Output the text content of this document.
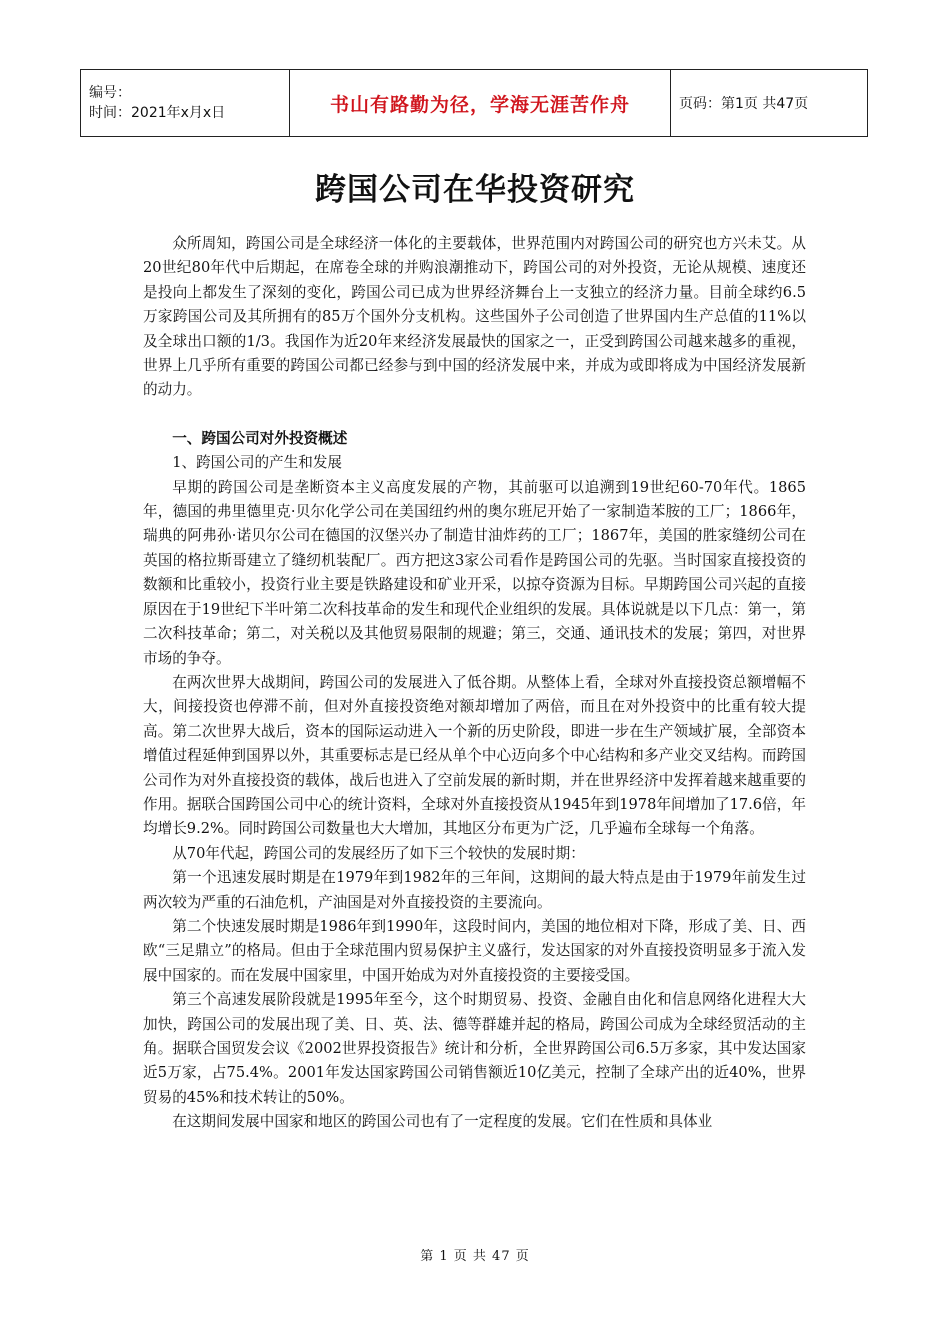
编号：
时间：2021年x月x日	书山有路勤为径，学海无涯苦作舟	页码：第1页 共47页
跨国公司在华投资研究

众所周知，跨国公司是全球经济一体化的主要载体，世界范围内对跨国公司的研究也方兴未艾。从20世纪80年代中后期起，在席卷全球的并购浪潮推动下，跨国公司的对外投资，无论从规模、速度还是投向上都发生了深刻的变化，跨国公司已成为世界经济舞台上一支独立的经济力量。目前全球约6.5万家跨国公司及其所拥有的85万个国外分支机构。这些国外子公司创造了世界国内生产总值的11%以及全球出口额的1/3。我国作为近20年来经济发展最快的国家之一，正受到跨国公司越来越多的重视，世界上几乎所有重要的跨国公司都已经参与到中国的经济发展中来，并成为或即将成为中国经济发展新的动力。

一、跨国公司对外投资概述

1、跨国公司的产生和发展

早期的跨国公司是垄断资本主义高度发展的产物，其前驱可以追溯到19世纪60-70年代。1865年，德国的弗里德里克·贝尔化学公司在美国纽约州的奥尔班尼开始了一家制造苯胺的工厂；1866年，瑞典的阿弗孙·诺贝尔公司在德国的汉堡兴办了制造甘油炸药的工厂；1867年，美国的胜家缝纫公司在英国的格拉斯哥建立了缝纫机装配厂。西方把这3家公司看作是跨国公司的先驱。当时国家直接投资的数额和比重较小，投资行业主要是铁路建设和矿业开采，以掠夺资源为目标。早期跨国公司兴起的直接原因在于19世纪下半叶第二次科技革命的发生和现代企业组织的发展。具体说就是以下几点：第一，第二次科技革命；第二，对关税以及其他贸易限制的规避；第三，交通、通讯技术的发展；第四，对世界市场的争夺。

在两次世界大战期间，跨国公司的发展进入了低谷期。从整体上看，全球对外直接投资总额增幅不大，间接投资也停滞不前，但对外直接投资绝对额却增加了两倍，而且在对外投资中的比重有较大提高。第二次世界大战后，资本的国际运动进入一个新的历史阶段，即进一步在生产领域扩展，全部资本增值过程延伸到国界以外，其重要标志是已经从单个中心迈向多个中心结构和多产业交叉结构。而跨国公司作为对外直接投资的载体，战后也进入了空前发展的新时期，并在世界经济中发挥着越来越重要的作用。据联合国跨国公司中心的统计资料，全球对外直接投资从1945年到1978年间增加了17.6倍，年均增长9.2%。同时跨国公司数量也大大增加，其地区分布更为广泛，几乎遍布全球每一个角落。

从70年代起，跨国公司的发展经历了如下三个较快的发展时期：

第一个迅速发展时期是在1979年到1982年的三年间，这期间的最大特点是由于1979年前发生过两次较为严重的石油危机，产油国是对外直接投资的主要流向。

第二个快速发展时期是1986年到1990年，这段时间内，美国的地位相对下降，形成了美、日、西欧“三足鼎立”的格局。但由于全球范围内贸易保护主义盛行，发达国家的对外直接投资明显多于流入发展中国家的。而在发展中国家里，中国开始成为对外直接投资的主要接受国。

第三个高速发展阶段就是1995年至今，这个时期贸易、投资、金融自由化和信息网络化进程大大加快，跨国公司的发展出现了美、日、英、法、德等群雄并起的格局，跨国公司成为全球经贸活动的主角。据联合国贸发会议《2002世界投资报告》统计和分析，全世界跨国公司6.5万多家，其中发达国家近5万家，占75.4%。2001年发达国家跨国公司销售额近10亿美元，控制了全球产出的近40%，世界贸易的45%和技术转让的50%。

在这期间发展中国家和地区的跨国公司也有了一定程度的发展。它们在性质和具体业

第 1 页 共 47 页
